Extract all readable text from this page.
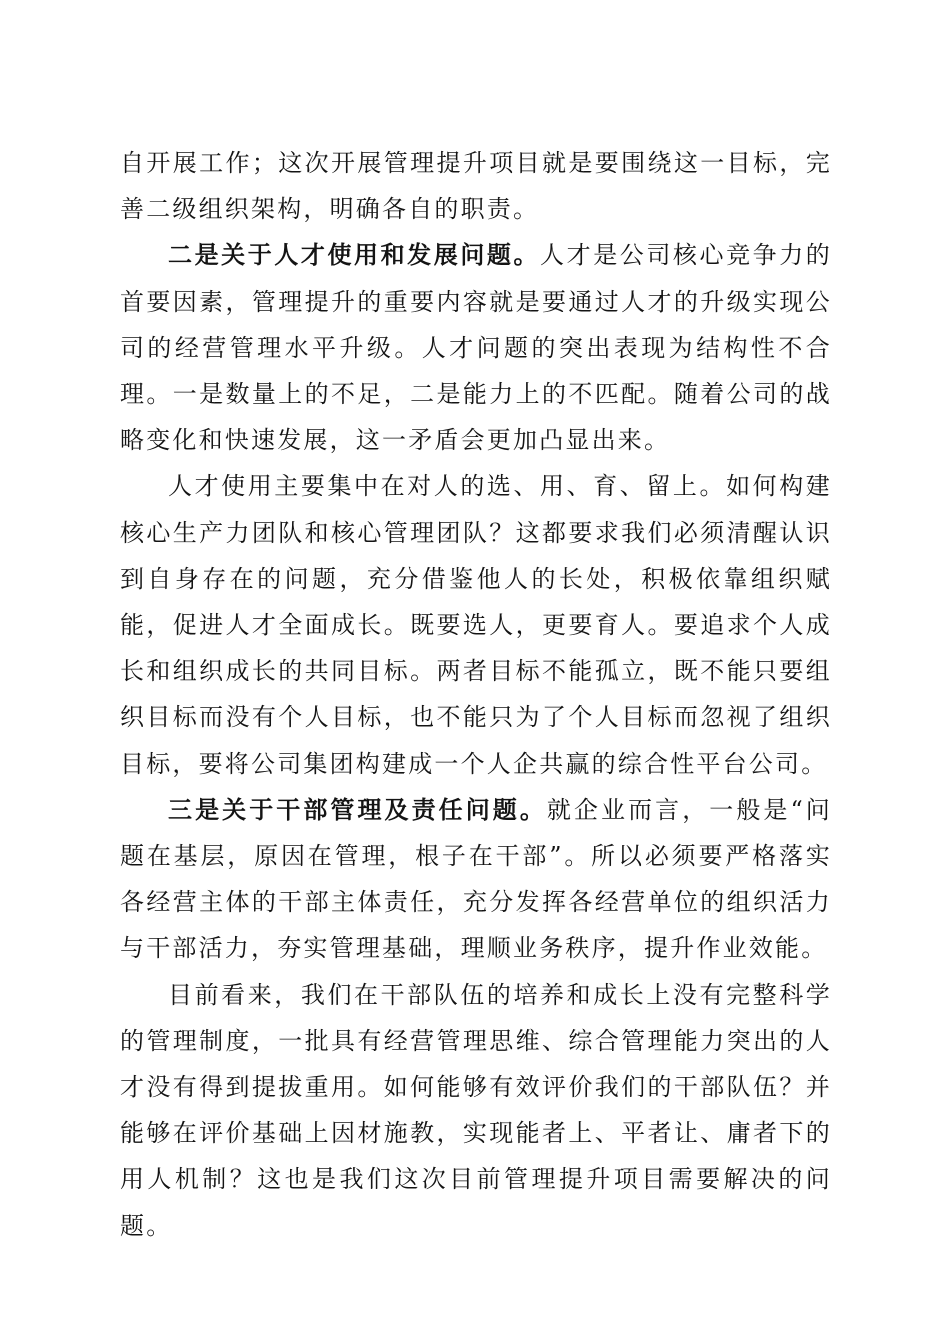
自开展工作；这次开展管理提升项目就是要围绕这一目标，完善二级组织架构，明确各自的职责。

二是关于人才使用和发展问题。人才是公司核心竞争力的首要因素，管理提升的重要内容就是要通过人才的升级实现公司的经营管理水平升级。人才问题的突出表现为结构性不合理。一是数量上的不足，二是能力上的不匹配。随着公司的战略变化和快速发展，这一矛盾会更加凸显出来。

人才使用主要集中在对人的选、用、育、留上。如何构建核心生产力团队和核心管理团队？这都要求我们必须清醒认识到自身存在的问题，充分借鉴他人的长处，积极依靠组织赋能，促进人才全面成长。既要选人，更要育人。要追求个人成长和组织成长的共同目标。两者目标不能孤立，既不能只要组织目标而没有个人目标，也不能只为了个人目标而忽视了组织目标，要将公司集团构建成一个人企共赢的综合性平台公司。

三是关于干部管理及责任问题。就企业而言，一般是“问题在基层，原因在管理，根子在干部”。所以必须要严格落实各经营主体的干部主体责任，充分发挥各经营单位的组织活力与干部活力，夯实管理基础，理顺业务秩序，提升作业效能。

目前看来，我们在干部队伍的培养和成长上没有完整科学的管理制度，一批具有经营管理思维、综合管理能力突出的人才没有得到提拔重用。如何能够有效评价我们的干部队伍？并能够在评价基础上因材施教，实现能者上、平者让、庸者下的用人机制？这也是我们这次目前管理提升项目需要解决的问题。
